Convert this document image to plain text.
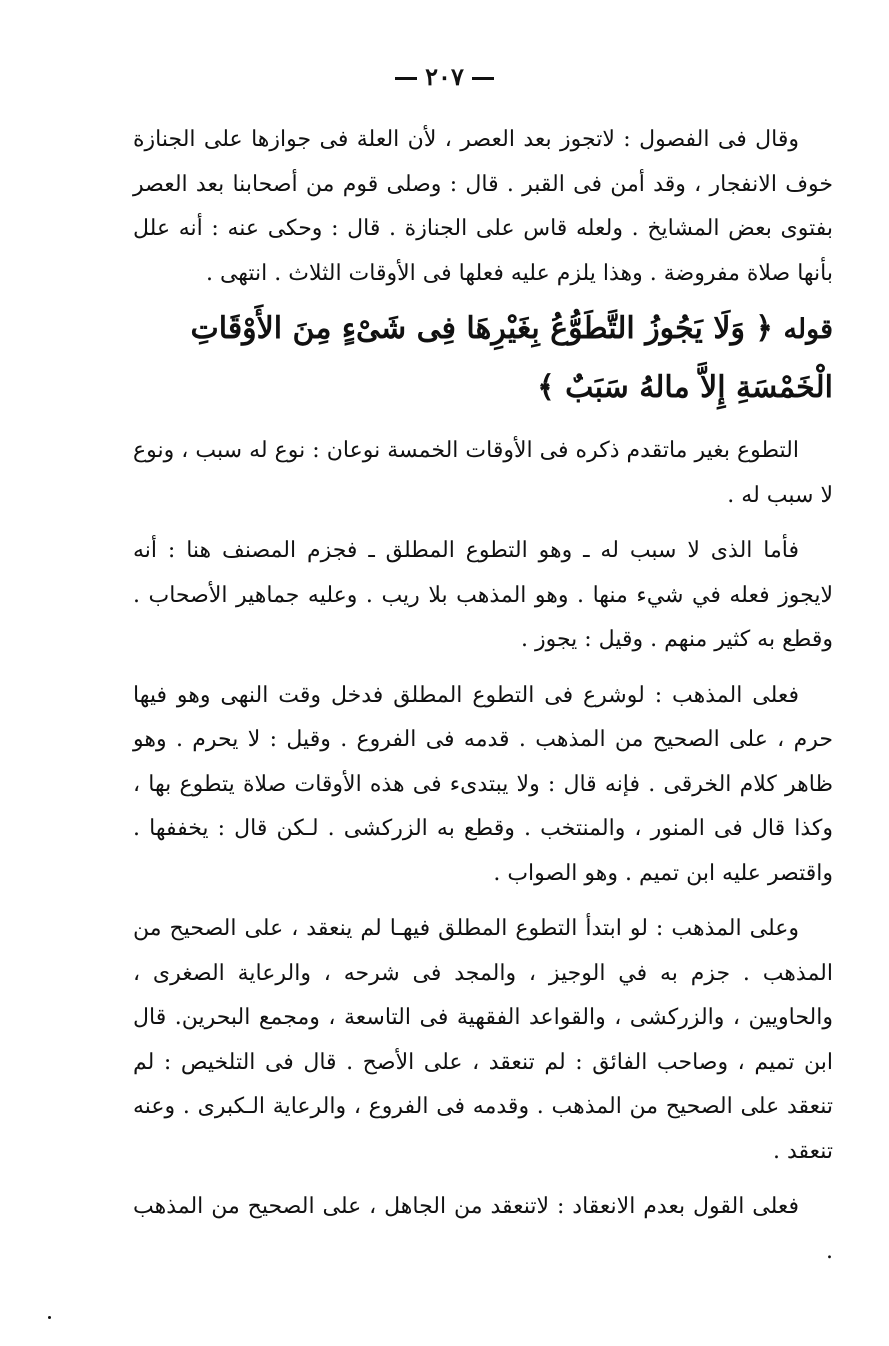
٢٠٧

وقال فى الفصول : لاتجوز بعد العصر ، لأن العلة فى جوازها على الجنازة خوف الانفجار ، وقد أمن فى القبر . قال : وصلى قوم من أصحابنا بعد العصر بفتوى بعض المشايخ . ولعله قاس على الجنازة . قال : وحكى عنه : أنه علل بأنها صلاة مفروضة . وهذا يلزم عليه فعلها فى الأوقات الثلاث . انتهى .

قوله ﴿ وَلَا يَجُوزُ التَّطَوُّعُ بِغَيْرِهَا فِى شَىْءٍ مِنَ الأَوْقَاتِ الْخَمْسَةِ إِلاَّ مالهُ سَبَبٌ ﴾

التطوع بغير ماتقدم ذكره فى الأوقات الخمسة نوعان : نوع له سبب ، ونوع لا سبب له .

فأما الذى لا سبب له ـ وهو التطوع المطلق ـ فجزم المصنف هنا : أنه لايجوز فعله في شيء منها . وهو المذهب بلا ريب . وعليه جماهير الأصحاب . وقطع به كثير منهم . وقيل : يجوز .

فعلى المذهب : لوشرع فى التطوع المطلق فدخل وقت النهى وهو فيها حرم ، على الصحيح من المذهب . قدمه فى الفروع . وقيل : لا يحرم . وهو ظاهر كلام الخرقى . فإنه قال : ولا يبتدىء فى هذه الأوقات صلاة يتطوع بها ، وكذا قال فى المنور ، والمنتخب . وقطع به الزركشى . لـكن قال : يخففها . واقتصر عليه ابن تميم . وهو الصواب .

وعلى المذهب : لو ابتدأ التطوع المطلق فيهـا لم ينعقد ، على الصحيح من المذهب . جزم به في الوجيز ، والمجد فى شرحه ، والرعاية الصغرى ، والحاويين ، والزركشى ، والقواعد الفقهية فى التاسعة ، ومجمع البحرين. قال ابن تميم ، وصاحب الفائق : لم تنعقد ، على الأصح . قال فى التلخيص : لم تنعقد على الصحيح من المذهب . وقدمه فى الفروع ، والرعاية الـكبرى . وعنه تنعقد .

فعلى القول بعدم الانعقاد : لاتنعقد من الجاهل ، على الصحيح من المذهب .
